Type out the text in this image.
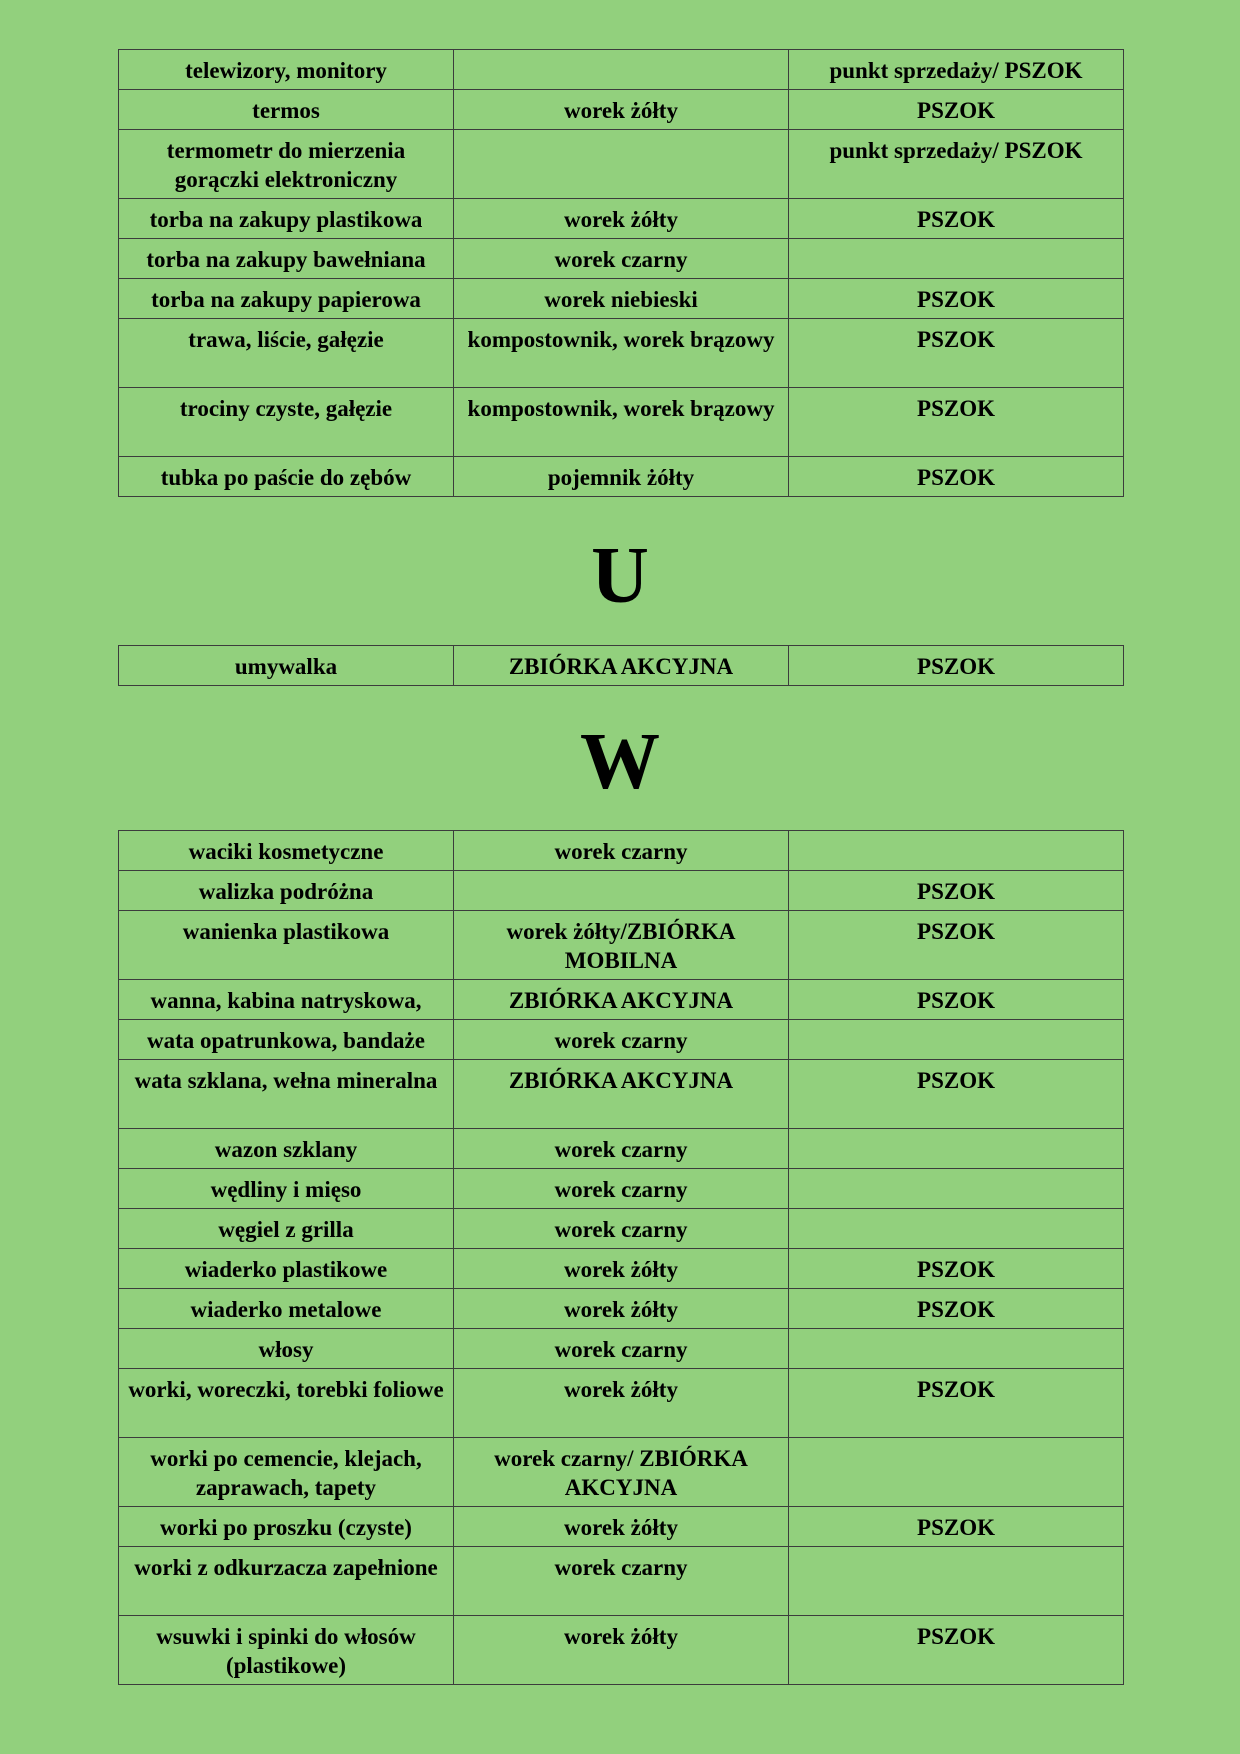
telewizory, monitory		punkt sprzedaży/ PSZOK
termos	worek żółty	PSZOK
termometr do mierzenia gorączki elektroniczny		punkt sprzedaży/ PSZOK
torba na zakupy plastikowa	worek żółty	PSZOK
torba na zakupy bawełniana	worek czarny	
torba na zakupy papierowa	worek niebieski	PSZOK
trawa, liście, gałęzie	kompostownik, worek brązowy	PSZOK
trociny czyste, gałęzie	kompostownik, worek brązowy	PSZOK
tubka po paście do zębów	pojemnik żółty	PSZOK
U
umywalka	ZBIÓRKA AKCYJNA	PSZOK
W
waciki kosmetyczne	worek czarny	
walizka podróżna		PSZOK
wanienka plastikowa	worek żółty/ZBIÓRKA MOBILNA	PSZOK
wanna, kabina natryskowa,	ZBIÓRKA AKCYJNA	PSZOK
wata opatrunkowa, bandaże	worek czarny	
wata szklana, wełna mineralna	ZBIÓRKA AKCYJNA	PSZOK
wazon szklany	worek czarny	
wędliny i mięso	worek czarny	
węgiel z grilla	worek czarny	
wiaderko plastikowe	worek żółty	PSZOK
wiaderko metalowe	worek żółty	PSZOK
włosy	worek czarny	
worki, woreczki, torebki foliowe	worek żółty	PSZOK
worki po cemencie, klejach, zaprawach, tapety	worek czarny/ ZBIÓRKA AKCYJNA	
worki po proszku (czyste)	worek żółty	PSZOK
worki z odkurzacza zapełnione	worek czarny	
wsuwki i spinki do włosów (plastikowe)	worek żółty	PSZOK
